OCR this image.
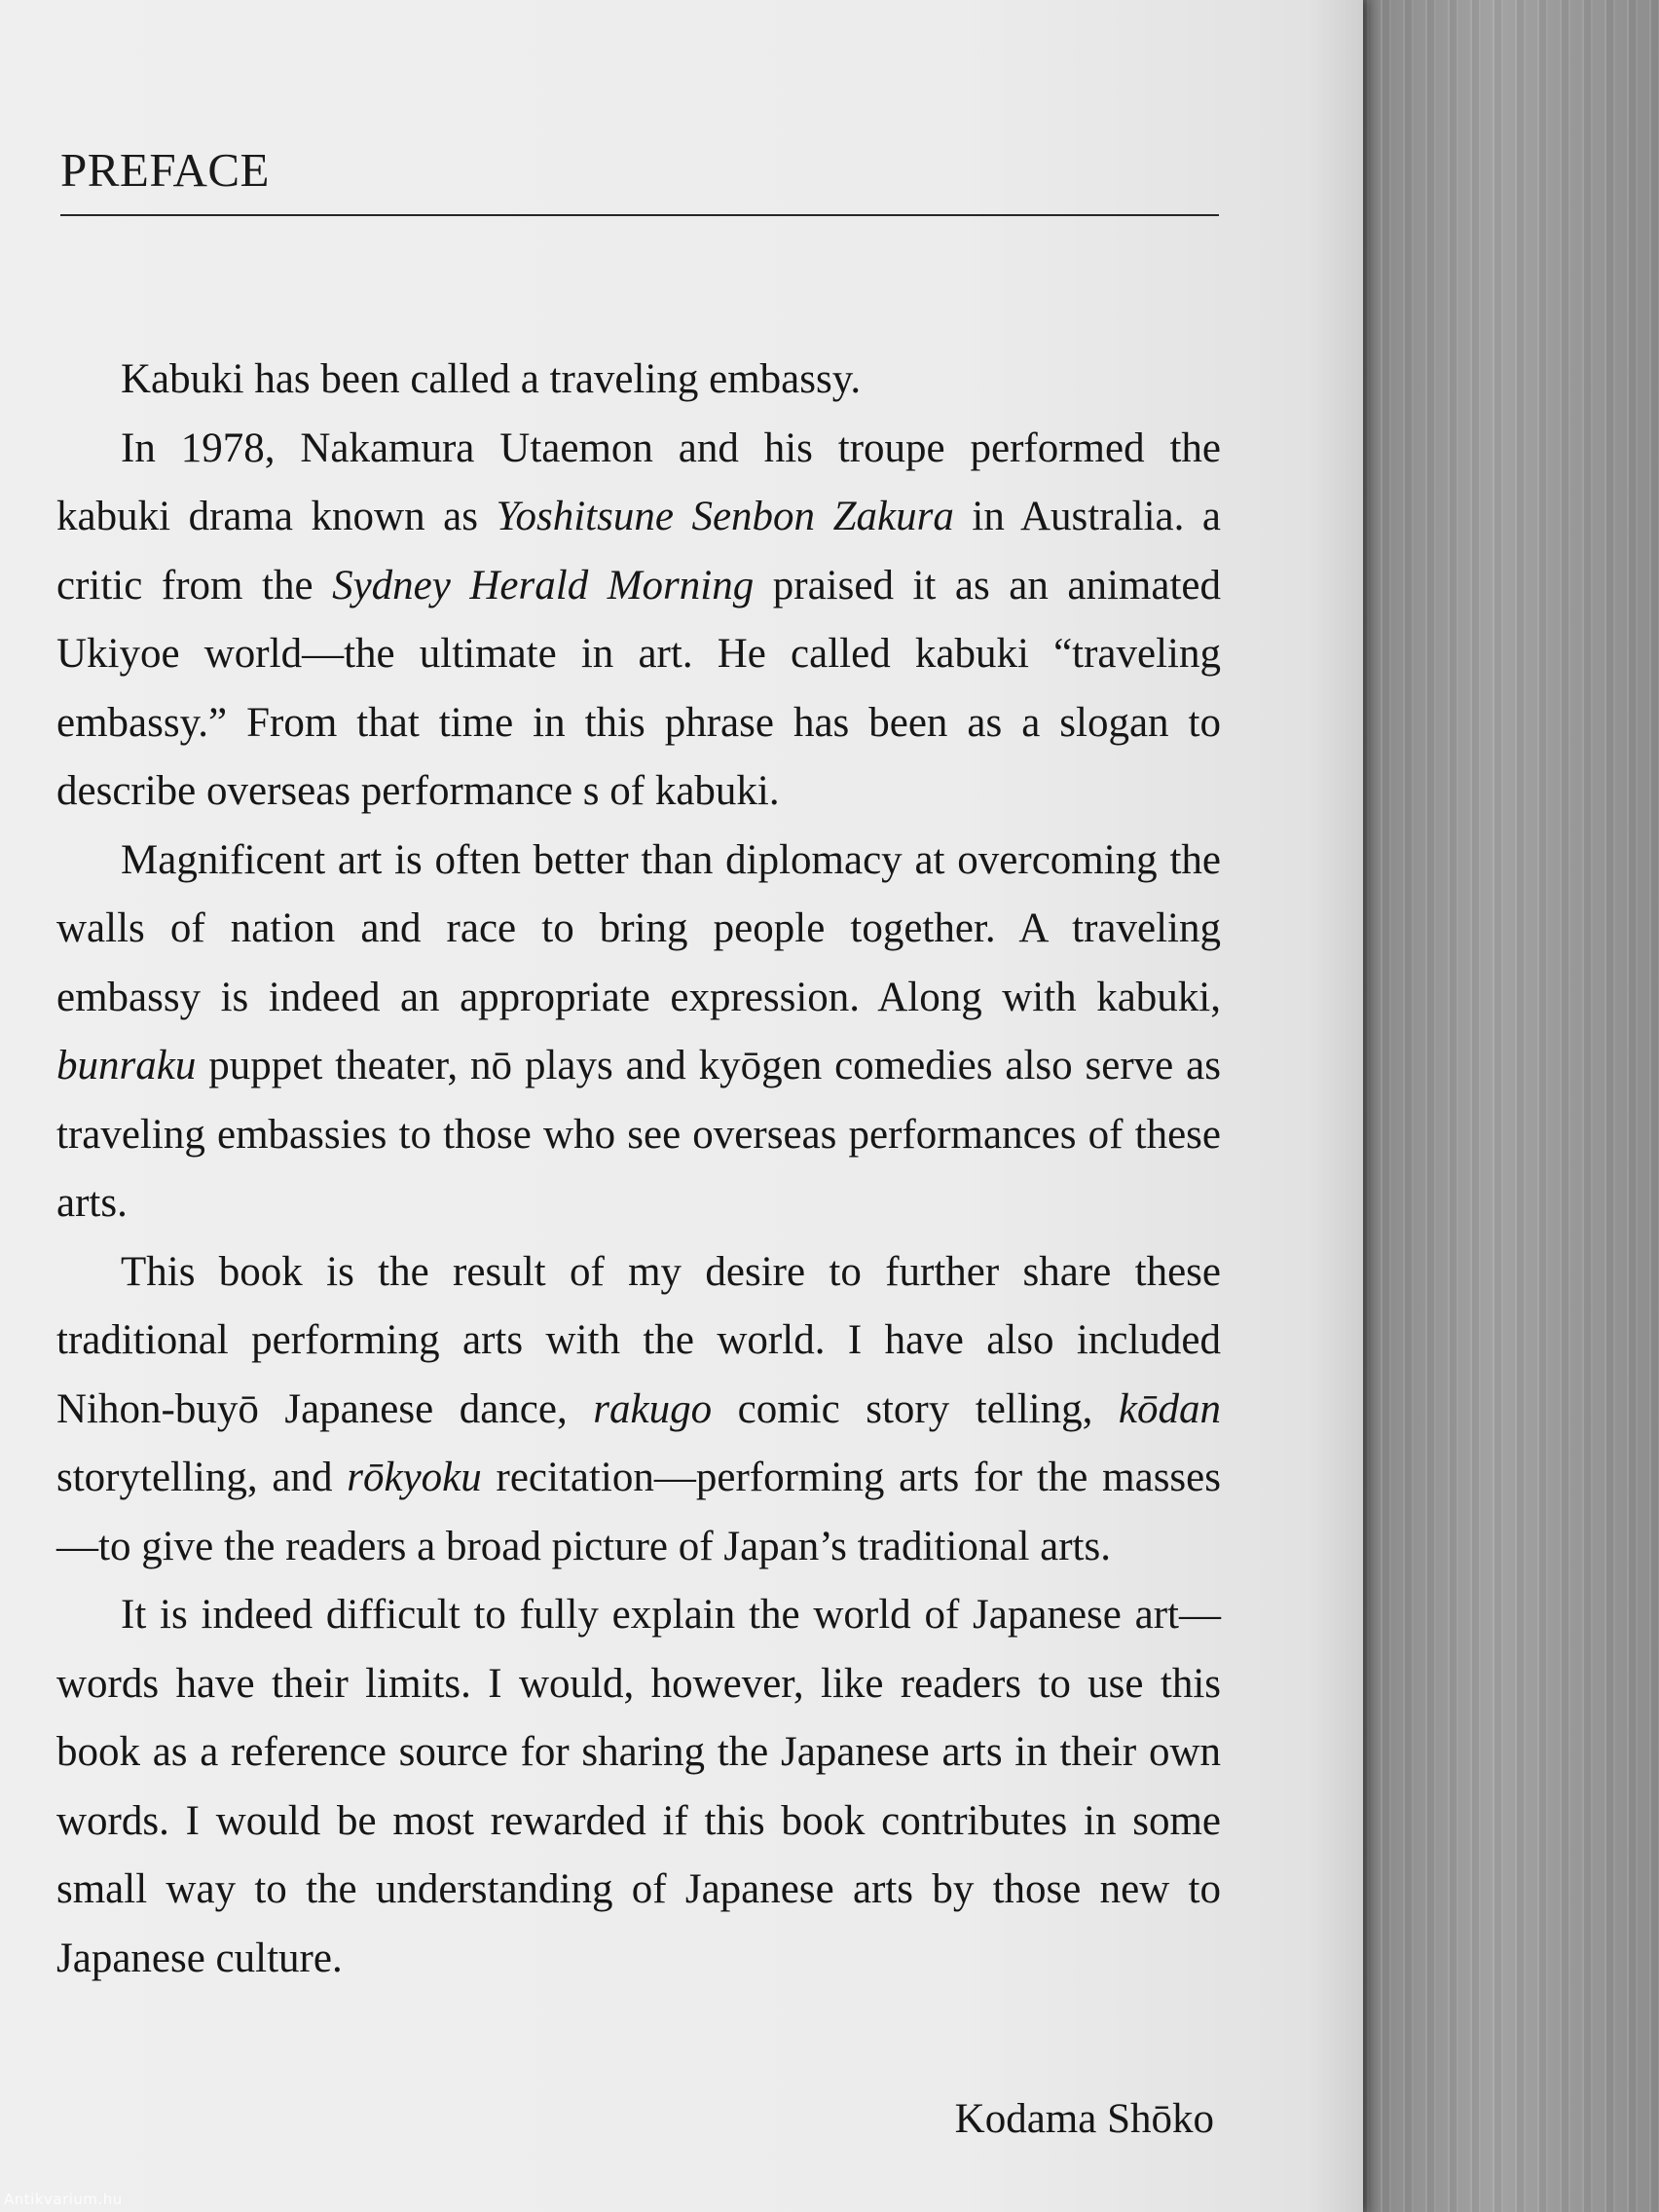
PREFACE

Kabuki has been called a traveling embassy.

In 1978, Nakamura Utaemon and his troupe performed the kabuki drama known as Yoshitsune Senbon Zakura in Australia. a critic from the Sydney Herald Morning praised it as an animated Ukiyoe world—the ultimate in art. He called kabuki “traveling embassy.” From that time in this phrase has been as a slogan to describe overseas performance s of kabuki.

Magnificent art is often better than diplomacy at overcoming the walls of nation and race to bring people together. A traveling embassy is indeed an appropriate expression. Along with kabuki, bunraku puppet theater, nō plays and kyōgen comedies also serve as traveling embassies to those who see overseas performances of these arts.

This book is the result of my desire to further share these traditional performing arts with the world. I have also included Nihon-buyō Japanese dance, rakugo comic story telling, kōdan storytelling, and rōkyoku recitation—performing arts for the masses—to give the readers a broad picture of Japan’s traditional arts.

It is indeed difficult to fully explain the world of Japanese art—words have their limits. I would, however, like readers to use this book as a reference source for sharing the Japanese arts in their own words. I would be most rewarded if this book contributes in some small way to the understanding of Japanese arts by those new to Japanese culture.

Kodama Shōko

Antikvarium.hu
